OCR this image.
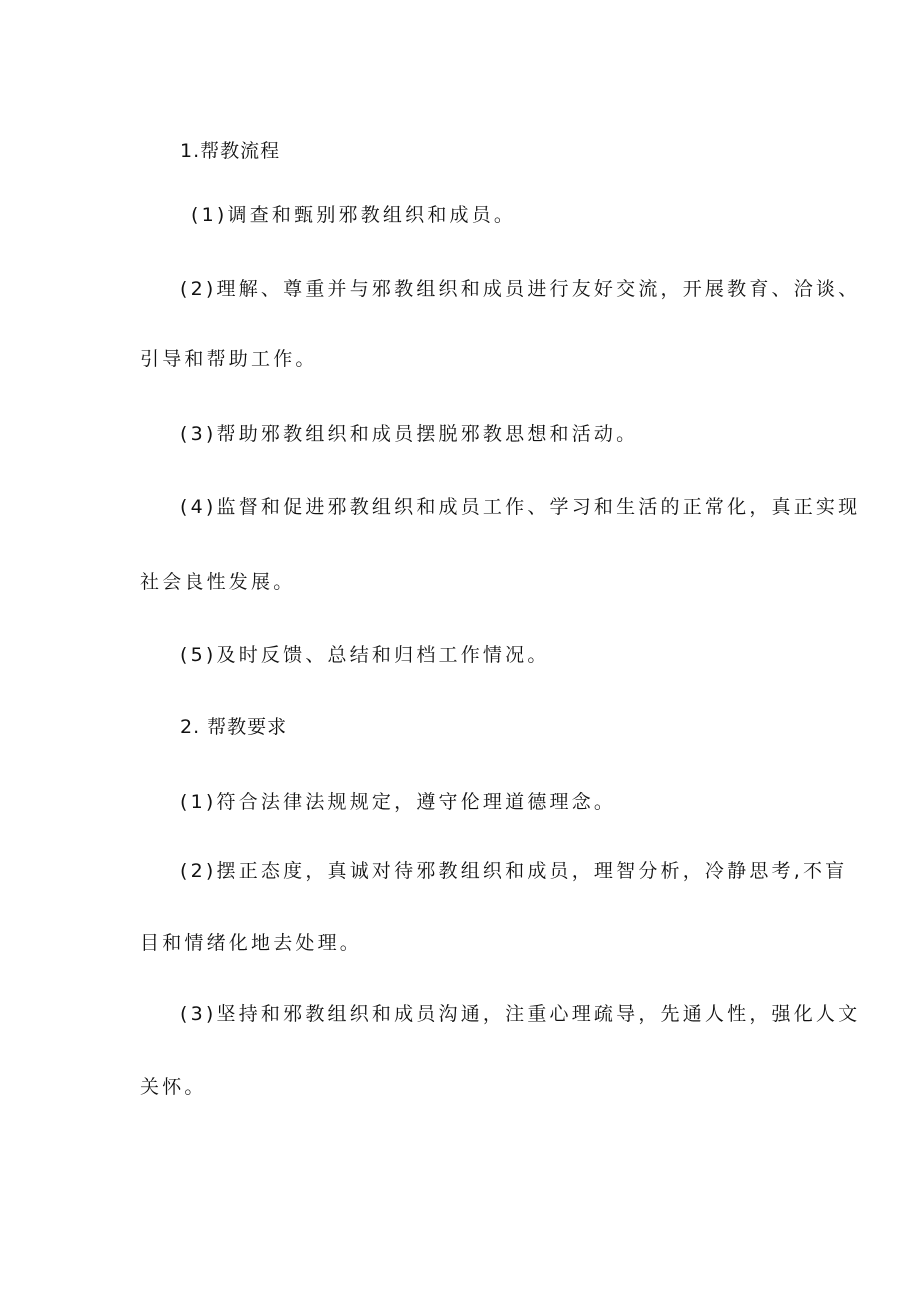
1.帮教流程
(1)调查和甄别邪教组织和成员。
(2)理解、尊重并与邪教组织和成员进行友好交流，开展教育、洽谈、
引导和帮助工作。
(3)帮助邪教组织和成员摆脱邪教思想和活动。
(4)监督和促进邪教组织和成员工作、学习和生活的正常化，真正实现
社会良性发展。
(5)及时反馈、总结和归档工作情况。
2. 帮教要求
(1)符合法律法规规定，遵守伦理道德理念。
(2)摆正态度，真诚对待邪教组织和成员，理智分析，冷静思考,不盲
目和情绪化地去处理。
(3)坚持和邪教组织和成员沟通，注重心理疏导，先通人性，强化人文
关怀。
